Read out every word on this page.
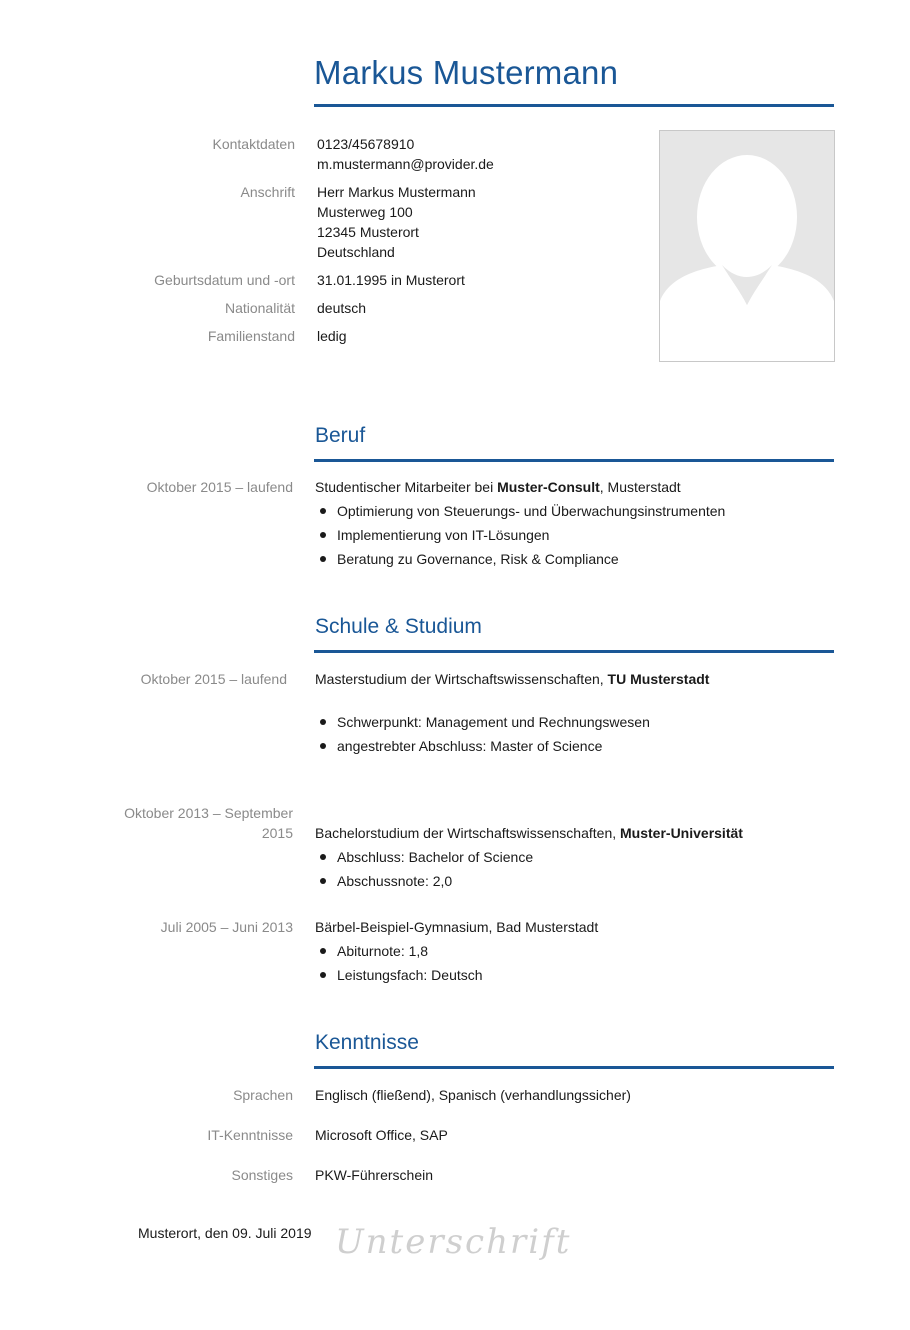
Markus Mustermann
Kontaktdaten 0123/45678910
m.mustermann@provider.de
Anschrift Herr Markus Mustermann
Musterweg 100
12345 Musterort
Deutschland
Geburtsdatum und -ort 31.01.1995 in Musterort
Nationalität deutsch
Familienstand ledig
Beruf
Oktober 2015 – laufend Studentischer Mitarbeiter bei Muster-Consult, Musterstadt
Optimierung von Steuerungs- und Überwachungsinstrumenten
Implementierung von IT-Lösungen
Beratung zu Governance, Risk & Compliance
Schule & Studium
Oktober 2015 – laufend Masterstudium der Wirtschaftswissenschaften, TU Musterstadt
Schwerpunkt: Management und Rechnungswesen
angestrebter Abschluss: Master of Science
Oktober 2013 – September
2015 Bachelorstudium der Wirtschaftswissenschaften, Muster-Universität
Abschluss: Bachelor of Science
Abschussnote: 2,0
Juli 2005 – Juni 2013 Bärbel-Beispiel-Gymnasium, Bad Musterstadt
Abiturnote: 1,8
Leistungsfach: Deutsch
Kenntnisse
Sprachen Englisch (fließend), Spanisch (verhandlungssicher)
IT-Kenntnisse Microsoft Office, SAP
Sonstiges PKW-Führerschein
Musterort, den 09. Juli 2019 Unterschrift
